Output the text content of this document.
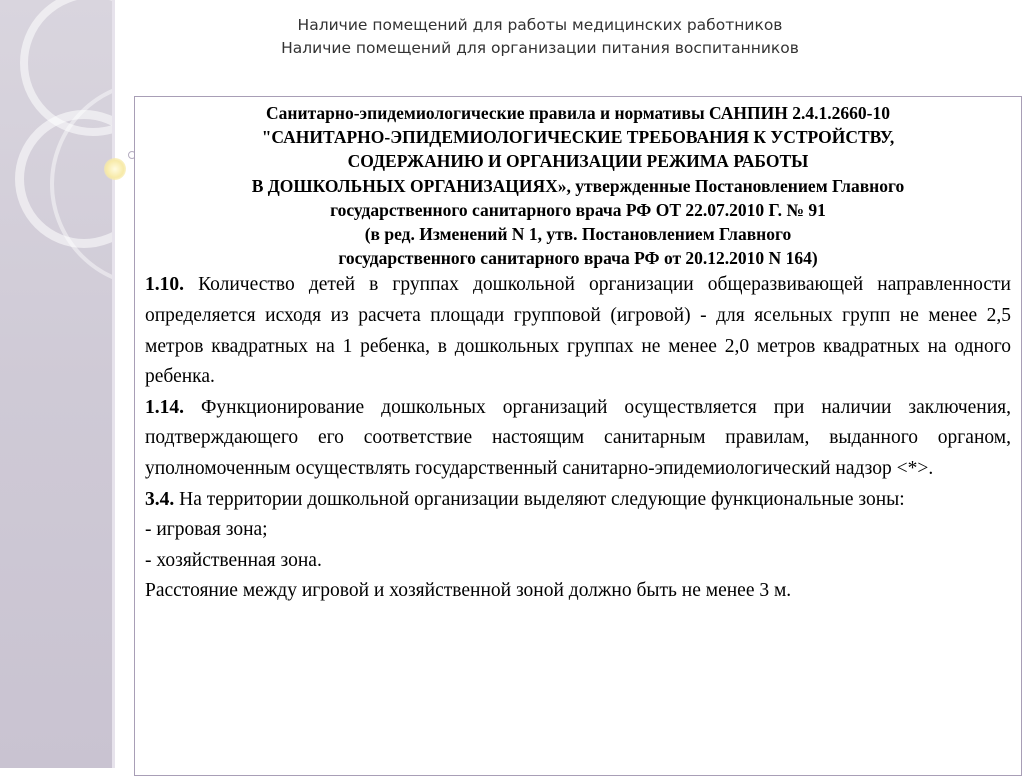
Наличие помещений для работы медицинских работников
Наличие помещений для организации питания воспитанников
Санитарно-эпидемиологические правила и нормативы САНПИН 2.4.1.2660-10
"САНИТАРНО-ЭПИДЕМИОЛОГИЧЕСКИЕ ТРЕБОВАНИЯ К УСТРОЙСТВУ,
СОДЕРЖАНИЮ И ОРГАНИЗАЦИИ РЕЖИМА РАБОТЫ
В ДОШКОЛЬНЫХ ОРГАНИЗАЦИЯХ», утвержденные Постановлением Главного
государственного санитарного врача РФ ОТ 22.07.2010 Г. № 91
(в ред. Изменений N 1, утв. Постановлением Главного
государственного санитарного врача РФ от 20.12.2010 N 164)

1.10. Количество детей в группах дошкольной организации общеразвивающей направленности определяется исходя из расчета площади групповой (игровой) - для ясельных групп не менее 2,5 метров квадратных на 1 ребенка, в дошкольных группах не менее 2,0 метров квадратных на одного ребенка.

1.14. Функционирование дошкольных организаций осуществляется при наличии заключения, подтверждающего его соответствие настоящим санитарным правилам, выданного органом, уполномоченным осуществлять государственный санитарно-эпидемиологический надзор <*>.

3.4. На территории дошкольной организации выделяют следующие функциональные зоны:

- игровая зона;

- хозяйственная зона.

Расстояние между игровой и хозяйственной зоной должно быть не менее 3 м.
